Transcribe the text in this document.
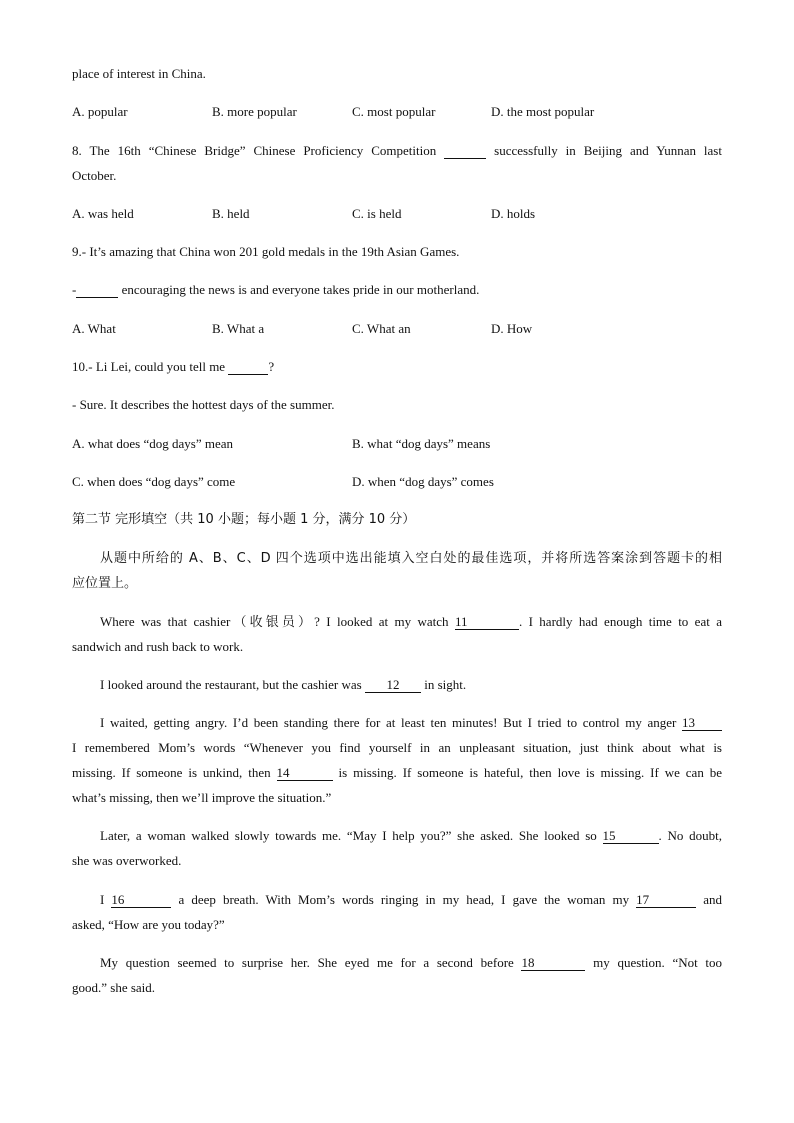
place of interest in China.
A. popular	B. more popular	C. most popular	D. the most popular
8. The 16th “Chinese Bridge” Chinese Proficiency Competition	successfully in Beijing and Yunnan last
October.
A. was held	B. held	C. is held	D. holds
9.- It’s amazing that China won 201 gold medals in the 19th Asian Games.
-	encouraging the news is and everyone takes pride in our motherland.
A. What	B. What a	C. What an	D. How
10.- Li Lei, could you tell me	?
- Sure. It describes the hottest days of the summer.
A. what does “dog days” mean	B. what “dog days” means
C. when does “dog days” come	D. when “dog days” comes
第二节 完形填空（共 10 小题；每小题 1 分，满分 10 分）
从题中所给的 A、B、C、D 四个选项中选出能填入空白处的最佳选项，并将所选答案涂到答题卡的相
应位置上。
Where was that cashier（收银员）? I looked at my watch 11	. I hardly had enough time to eat a
sandwich and rush back to work.
I looked around the restaurant, but the cashier was 12 in sight.
I waited, getting angry. I’d been standing there for at least ten minutes! But I tried to control my anger 13
I remembered Mom’s words “Whenever you find yourself in an unpleasant situation, just think about what is
missing. If someone is unkind, then 14	is missing. If someone is hateful, then love is missing. If we can be
what’s missing, then we’ll improve the situation.”
Later, a woman walked slowly towards me. “May I help you?” she asked. She looked so 15	. No doubt,
she was overworked.
I 16	a deep breath. With Mom’s words ringing in my head, I gave the woman my 17	and
asked, “How are you today?”
My question seemed to surprise her. She eyed me for a second before 18	my question. “Not too
good.” she said.
